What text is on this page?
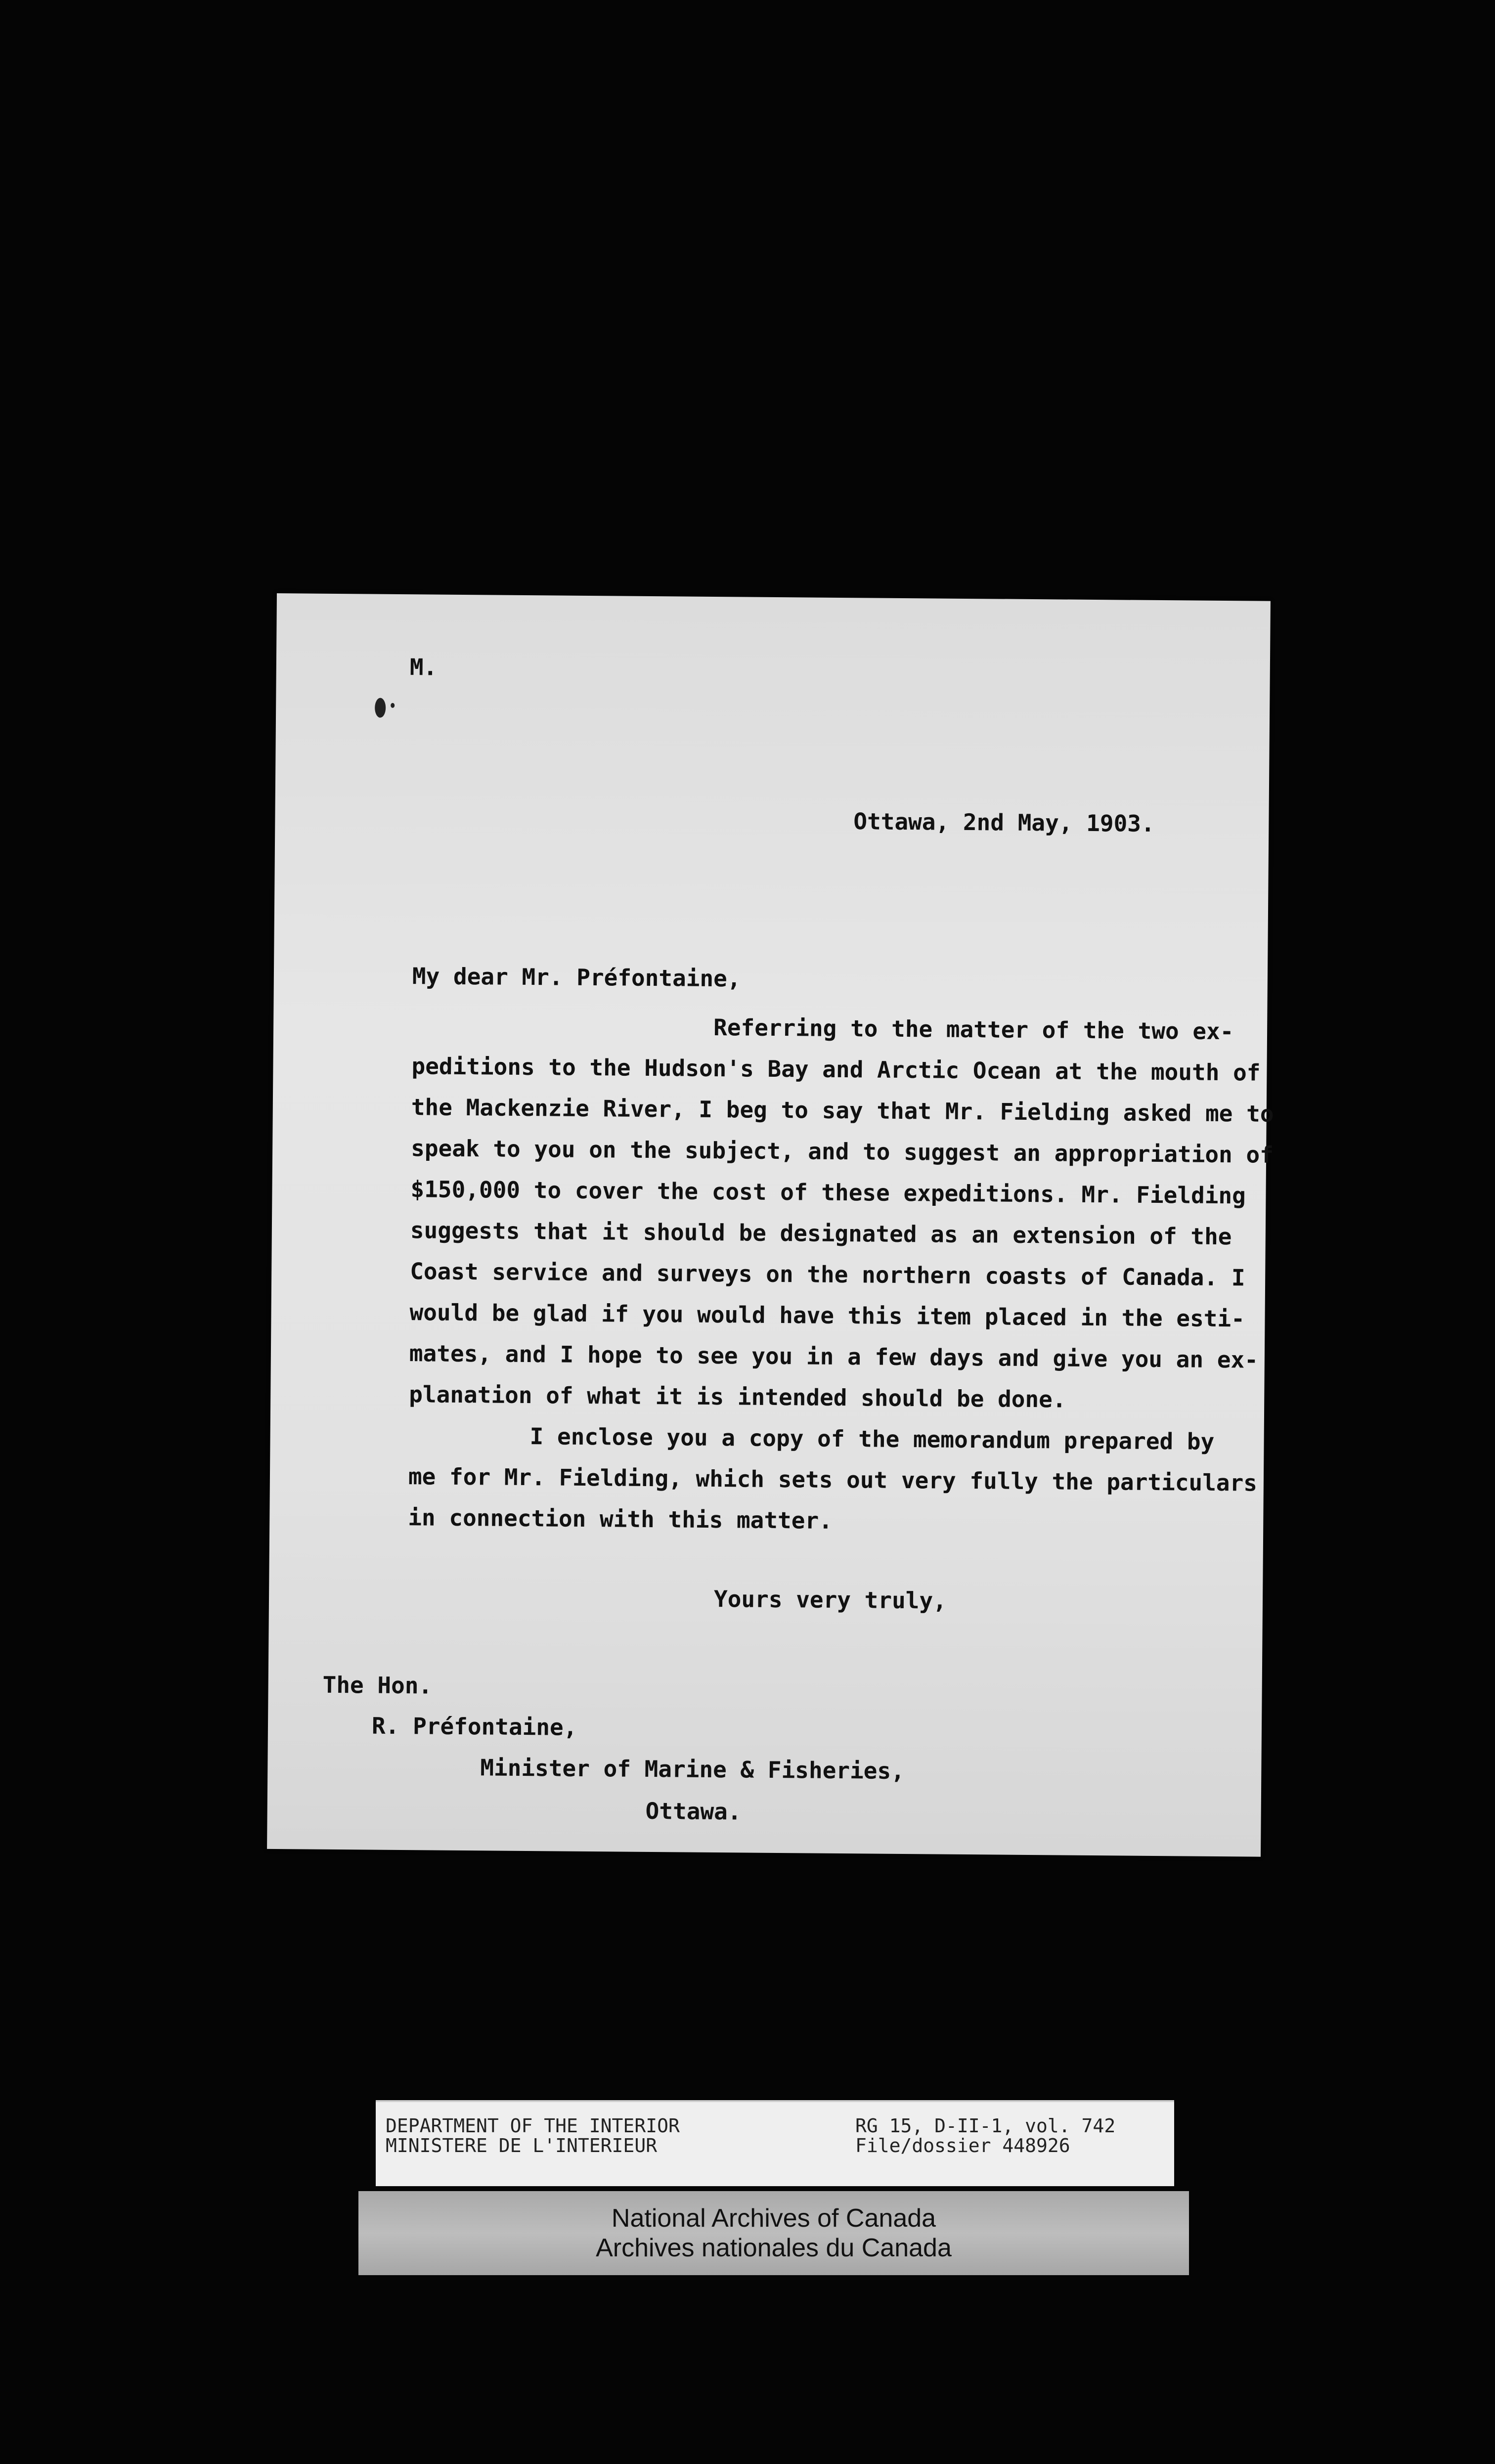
M.
Ottawa, 2nd May, 1903.
My dear Mr. Préfontaine,
Referring to the matter of the two ex-
peditions to the Hudson's Bay and Arctic Ocean at the mouth of
the Mackenzie River, I beg to say that Mr. Fielding asked me to
speak to you on the subject, and to suggest an appropriation of
$150,000 to cover the cost of these expeditions. Mr. Fielding
suggests that it should be designated as an extension of the
Coast service and surveys on the northern coasts of Canada. I
would be glad if you would have this item placed in the esti-
mates, and I hope to see you in a few days and give you an ex-
planation of what it is intended should be done.
I enclose you a copy of the memorandum prepared by
me for Mr. Fielding, which sets out very fully the particulars
in connection with this matter.
Yours very truly,
The Hon.
R. Préfontaine,
Minister of Marine & Fisheries,
Ottawa.
DEPARTMENT OF THE INTERIOR
MINISTERE DE L'INTERIEUR
RG 15, D-II-1, vol. 742
File/dossier 448926
National Archives of Canada
Archives nationales du Canada
